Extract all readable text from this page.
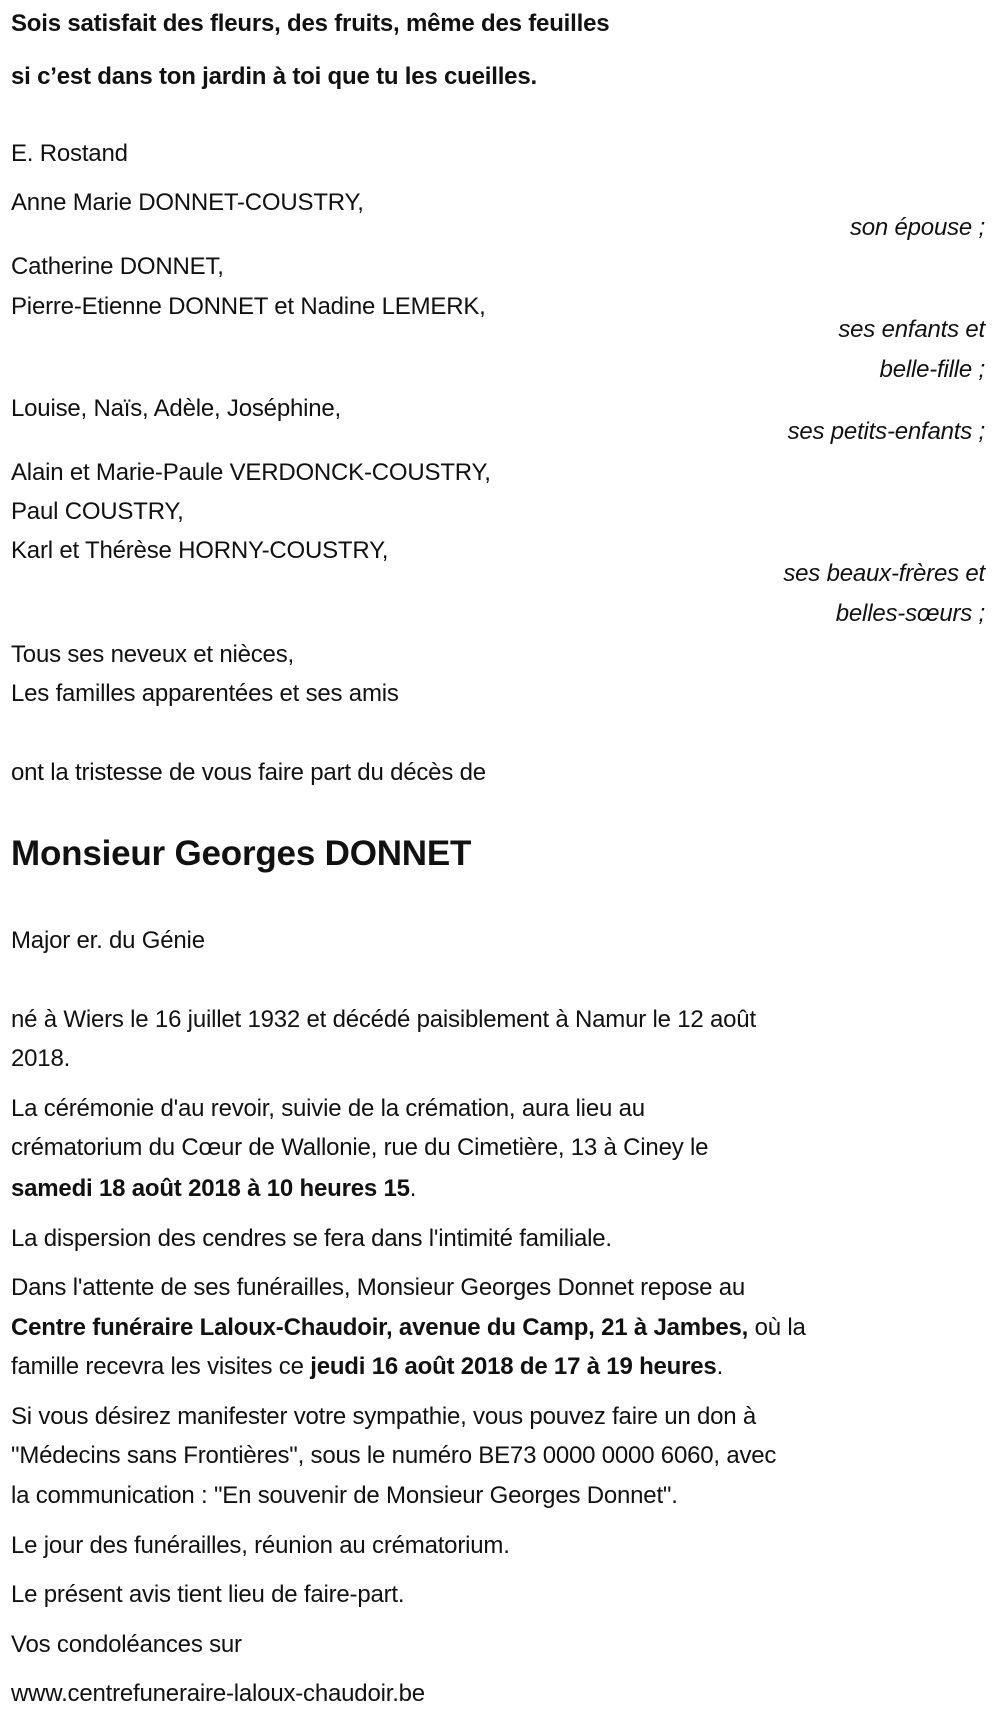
Sois satisfait des fleurs, des fruits, même des feuilles
si c’est dans ton jardin à toi que tu les cueilles.
E. Rostand
Anne Marie DONNET-COUSTRY,
son épouse ;
Catherine DONNET,
Pierre-Etienne DONNET et Nadine LEMERK,
ses enfants et
belle-fille ;
Louise, Naïs, Adèle, Joséphine,
ses petits-enfants ;
Alain et Marie-Paule VERDONCK-COUSTRY,
Paul COUSTRY,
Karl et Thérèse HORNY-COUSTRY,
ses beaux-frères et
belles-sœurs ;
Tous ses neveux et nièces,
Les familles apparentées et ses amis
ont la tristesse de vous faire part du décès de
Monsieur Georges DONNET
Major er. du Génie
né à Wiers le 16 juillet 1932 et décédé paisiblement à Namur le 12 août
2018.
La cérémonie d'au revoir, suivie de la crémation, aura lieu au
crématorium du Cœur de Wallonie, rue du Cimetière, 13 à Ciney le
samedi 18 août 2018 à 10 heures 15.
La dispersion des cendres se fera dans l'intimité familiale.
Dans l'attente de ses funérailles, Monsieur Georges Donnet repose au
Centre funéraire Laloux-Chaudoir, avenue du Camp, 21 à Jambes, où la
famille recevra les visites ce jeudi 16 août 2018 de 17 à 19 heures.
Si vous désirez manifester votre sympathie, vous pouvez faire un don à
"Médecins sans Frontières", sous le numéro BE73 0000 0000 6060, avec
la communication : "En souvenir de Monsieur Georges Donnet".
Le jour des funérailles, réunion au crématorium.
Le présent avis tient lieu de faire-part.
Vos condoléances sur
www.centrefuneraire-laloux-chaudoir.be
